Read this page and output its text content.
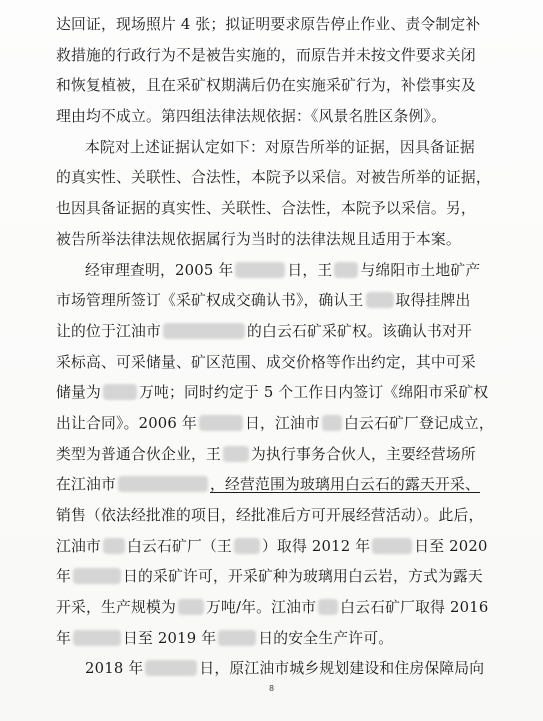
达回证，现场照片 4 张；拟证明要求原告停止作业、责令制定补
救措施的行政行为不是被告实施的，而原告并未按文件要求关闭
和恢复植被，且在采矿权期满后仍在实施采矿行为，补偿事实及
理由均不成立。第四组法律法规依据：《风景名胜区条例》。
本院对上述证据认定如下：对原告所举的证据，因具备证据
的真实性、关联性、合法性，本院予以采信。对被告所举的证据，
也因具备证据的真实性、关联性、合法性，本院予以采信。另，
被告所举法律法规依据属行为当时的法律法规且适用于本案。
经审理查明，2005 年	日，王 与绵阳市土地矿产
市场管理所签订《采矿权成交确认书》，确认王 取得挂牌出
让的位于江油市	的白云石矿采矿权。该确认书对开
采标高、可采储量、矿区范围、成交价格等作出约定，其中可采
储量为	万吨；同时约定于 5 个工作日内签订《绵阳市采矿权
出让合同》。2006 年	日，江油市 白云石矿厂登记成立，
类型为普通合伙企业，王 为执行事务合伙人，主要经营场所
在江油市	，经营范围为玻璃用白云石的露天开采、
销售（依法经批准的项目，经批准后方可开展经营活动）。此后，
江油市 白云石矿厂（王 ）取得 2012 年	日至 2020
年	日的采矿许可，开采矿种为玻璃用白云岩，方式为露天
开采，生产规模为 万吨/年。江油市 白云石矿厂取得 2016
年	日至 2019 年	日的安全生产许可。
2018 年	日，原江油市城乡规划建设和住房保障局向
8
